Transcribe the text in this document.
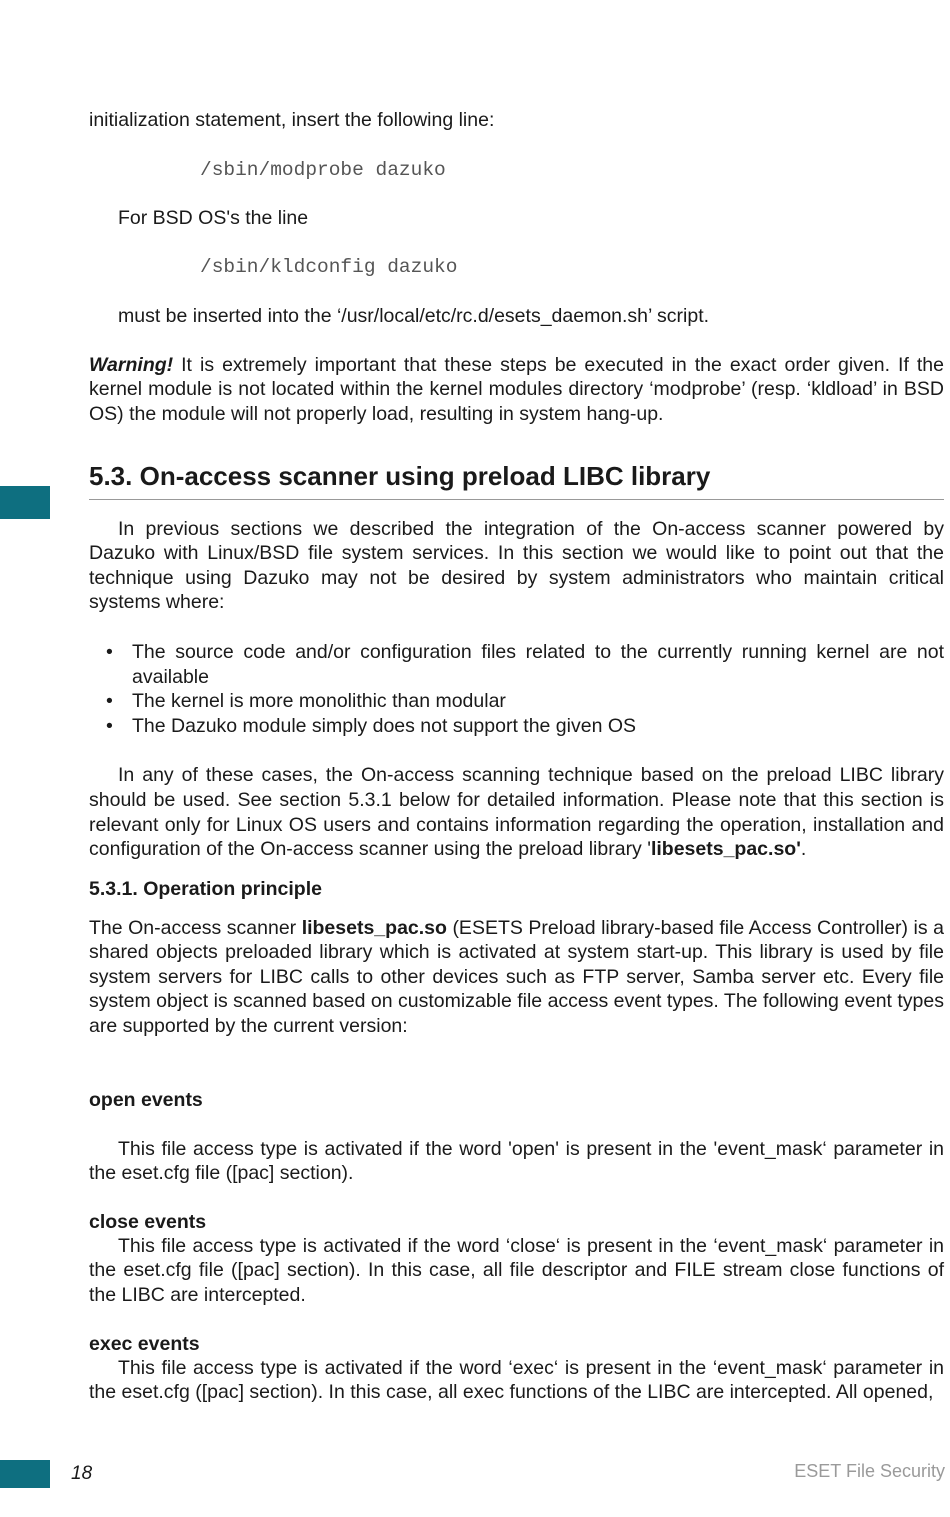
initialization statement, insert the following line:

/sbin/modprobe dazuko

For BSD OS's the line

/sbin/kldconfig dazuko

must be inserted into the ‘/usr/local/etc/rc.d/esets_daemon.sh’ script.

Warning! It is extremely important that these steps be executed in the exact order given. If the kernel module is not located within the kernel modules directory ‘modprobe’ (resp. ‘kldload’ in BSD OS) the module will not properly load, resulting in system hang-up.

5.3. On-access scanner using preload LIBC library

In previous sections we described the integration of the On-access scanner powered by Dazuko with Linux/BSD file system services. In this section we would like to point out that the technique using Dazuko may not be desired by system administrators who maintain critical systems where:

• The source code and/or configuration files related to the currently running kernel are not available
• The kernel is more monolithic than modular
• The Dazuko module simply does not support the given OS

In any of these cases, the On-access scanning technique based on the preload LIBC library should be used. See section 5.3.1 below for detailed information. Please note that this section is relevant only for Linux OS users and contains information regarding the operation, installation and configuration of the On-access scanner using the preload library 'libesets_pac.so'.

5.3.1. Operation principle

The On-access scanner libesets_pac.so (ESETS Preload library-based file Access Controller) is a shared objects preloaded library which is activated at system start-up. This library is used by file system servers for LIBC calls to other devices such as FTP server, Samba server etc. Every file system object is scanned based on customizable file access event types. The following event types are supported by the current version:

open events

This file access type is activated if the word 'open' is present in the 'event_mask‘ parameter in the eset.cfg file ([pac] section).

close events

This file access type is activated if the word ‘close‘ is present in the ‘event_mask‘ parameter in the eset.cfg file ([pac] section). In this case, all file descriptor and FILE stream close functions of the LIBC are intercepted.

exec events

This file access type is activated if the word ‘exec‘ is present in the ‘event_mask‘ parameter in the eset.cfg ([pac] section). In this case, all exec functions of the LIBC are intercepted. All opened,

18	ESET File Security
